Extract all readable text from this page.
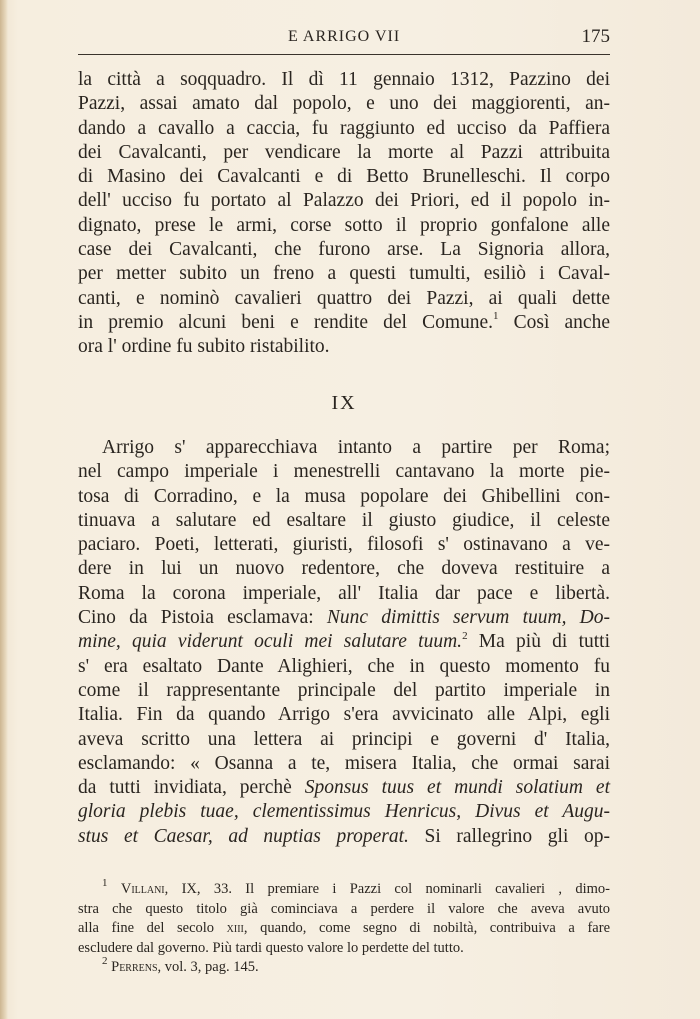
E ARRIGO VII	175
la città a soqquadro. Il dì 11 gennaio 1312, Pazzino dei
Pazzi, assai amato dal popolo, e uno dei maggiorenti, an-
dando a cavallo a caccia, fu raggiunto ed ucciso da Paffiera
dei Cavalcanti, per vendicare la morte al Pazzi attribuita
di Masino dei Cavalcanti e di Betto Brunelleschi. Il corpo
dell' ucciso fu portato al Palazzo dei Priori, ed il popolo in-
dignato, prese le armi, corse sotto il proprio gonfalone alle
case dei Cavalcanti, che furono arse. La Signoria allora,
per metter subito un freno a questi tumulti, esiliò i Caval-
canti, e nominò cavalieri quattro dei Pazzi, ai quali dette
in premio alcuni beni e rendite del Comune.$^1$ Così anche
ora l' ordine fu subito ristabilito.
IX
Arrigo s' apparecchiava intanto a partire per Roma;
nel campo imperiale i menestrelli cantavano la morte pie-
tosa di Corradino, e la musa popolare dei Ghibellini con-
tinuava a salutare ed esaltare il giusto giudice, il celeste
paciaro. Poeti, letterati, giuristi, filosofi s' ostinavano a ve-
dere in lui un nuovo redentore, che doveva restituire a
Roma la corona imperiale, all' Italia dar pace e libertà.
Cino da Pistoia esclamava: Nunc dimittis servum tuum, Do-
mine, quia viderunt oculi mei salutare tuum.$^2$ Ma più di tutti
s' era esaltato Dante Alighieri, che in questo momento fu
come il rappresentante principale del partito imperiale in
Italia. Fin da quando Arrigo s'era avvicinato alle Alpi, egli
aveva scritto una lettera ai principi e governi d' Italia,
esclamando: « Osanna a te, misera Italia, che ormai sarai
da tutti invidiata, perchè Sponsus tuus et mundi solatium et
gloria plebis tuae, clementissimus Henricus, Divus et Augu-
stus et Caesar, ad nuptias properat. Si rallegrino gli op-
$^1$ Villani, IX, 33. Il premiare i Pazzi col nominarli cavalieri , dimo-
stra che questo titolo già cominciava a perdere il valore che aveva avuto
alla fine del secolo xiii, quando, come segno di nobiltà, contribuiva a fare
escludere dal governo. Più tardi questo valore lo perdette del tutto.
$^2$ Perrens, vol. 3, pag. 145.
